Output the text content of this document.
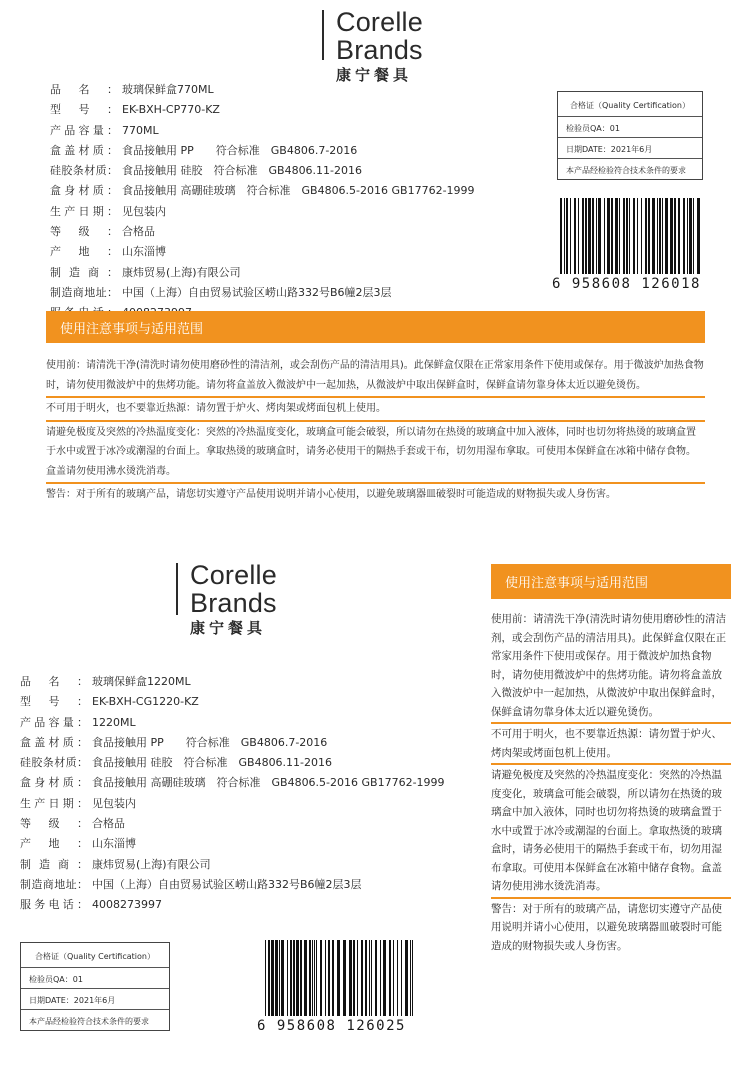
Corelle
Brands
康宁餐具
品名： 玻璃保鲜盒770ML
型号： EK-BXH-CP770-KZ
产品容量： 770ML
盒盖材质： 食品接触用 PP　　符合标准　GB4806.7-2016
硅胶条材质： 食品接触用 硅胶　符合标准　GB4806.11-2016
盒身材质： 食品接触用 高硼硅玻璃　符合标准　GB4806.5-2016 GB17762-1999
生产日期： 见包装内
等级： 合格品
产地： 山东淄博
制造商： 康炜贸易(上海)有限公司
制造商地址： 中国（上海）自由贸易试验区崂山路332号B6幢2层3层
合格证（Quality Certification）
检验员QA：01
日期DATE：2021年6月
本产品经检验符合技术条件的要求
6 958608 126018
使用注意事项与适用范围
使用前：请清洗干净(清洗时请勿使用磨砂性的清洁剂，或会刮伤产品的清洁用具)。此保鲜盒仅限在正常家用条件下使用或保存。用于微波炉加热食物时，请勿使用微波炉中的焦烤功能。请勿将盒盖放入微波炉中一起加热，从微波炉中取出保鲜盒时，保鲜盒请勿靠身体太近以避免烫伤。
不可用于明火，也不要靠近热源：请勿置于炉火、烤肉架或烤面包机上使用。
请避免极度及突然的冷热温度变化：突然的冷热温度变化，玻璃盒可能会破裂，所以请勿在热烫的玻璃盒中加入液体，同时也切勿将热烫的玻璃盒置于水中或置于冰冷或潮湿的台面上。拿取热烫的玻璃盒时，请务必使用干的隔热手套或干布，切勿用湿布拿取。可使用本保鲜盒在冰箱中储存食物。盒盖请勿使用沸水烫洗消毒。
警告：对于所有的玻璃产品，请您切实遵守产品使用说明并请小心使用，以避免玻璃器皿破裂时可能造成的财物损失或人身伤害。
Corelle
Brands
康宁餐具
品名： 玻璃保鲜盒1220ML
型号： EK-BXH-CG1220-KZ
产品容量： 1220ML
盒盖材质： 食品接触用 PP　　符合标准　GB4806.7-2016
硅胶条材质： 食品接触用 硅胶　符合标准　GB4806.11-2016
盒身材质： 食品接触用 高硼硅玻璃　符合标准　GB4806.5-2016 GB17762-1999
生产日期： 见包装内
等级： 合格品
产地： 山东淄博
制造商： 康炜贸易(上海)有限公司
制造商地址： 中国（上海）自由贸易试验区崂山路332号B6幢2层3层
服务电话： 4008273997
合格证（Quality Certification）
检验员QA：01
日期DATE：2021年6月
本产品经检验符合技术条件的要求	6 958608 126025
使用注意事项与适用范围
使用前：请清洗干净(清洗时请勿使用磨砂性的清洁剂，或会刮伤产品的清洁用具)。此保鲜盒仅限在正常家用条件下使用或保存。用于微波炉加热食物时，请勿使用微波炉中的焦烤功能。请勿将盒盖放入微波炉中一起加热，从微波炉中取出保鲜盒时，保鲜盒请勿靠身体太近以避免烫伤。
不可用于明火，也不要靠近热源：请勿置于炉火、烤肉架或烤面包机上使用。
请避免极度及突然的冷热温度变化：突然的冷热温度变化，玻璃盒可能会破裂，所以请勿在热烫的玻璃盒中加入液体，同时也切勿将热烫的玻璃盒置于水中或置于冰冷或潮湿的台面上。拿取热烫的玻璃盒时，请务必使用干的隔热手套或干布，切勿用湿布拿取。可使用本保鲜盒在冰箱中储存食物。盒盖请勿使用沸水烫洗消毒。
警告：对于所有的玻璃产品，请您切实遵守产品使用说明并请小心使用，以避免玻璃器皿破裂时可能造成的财物损失或人身伤害。
